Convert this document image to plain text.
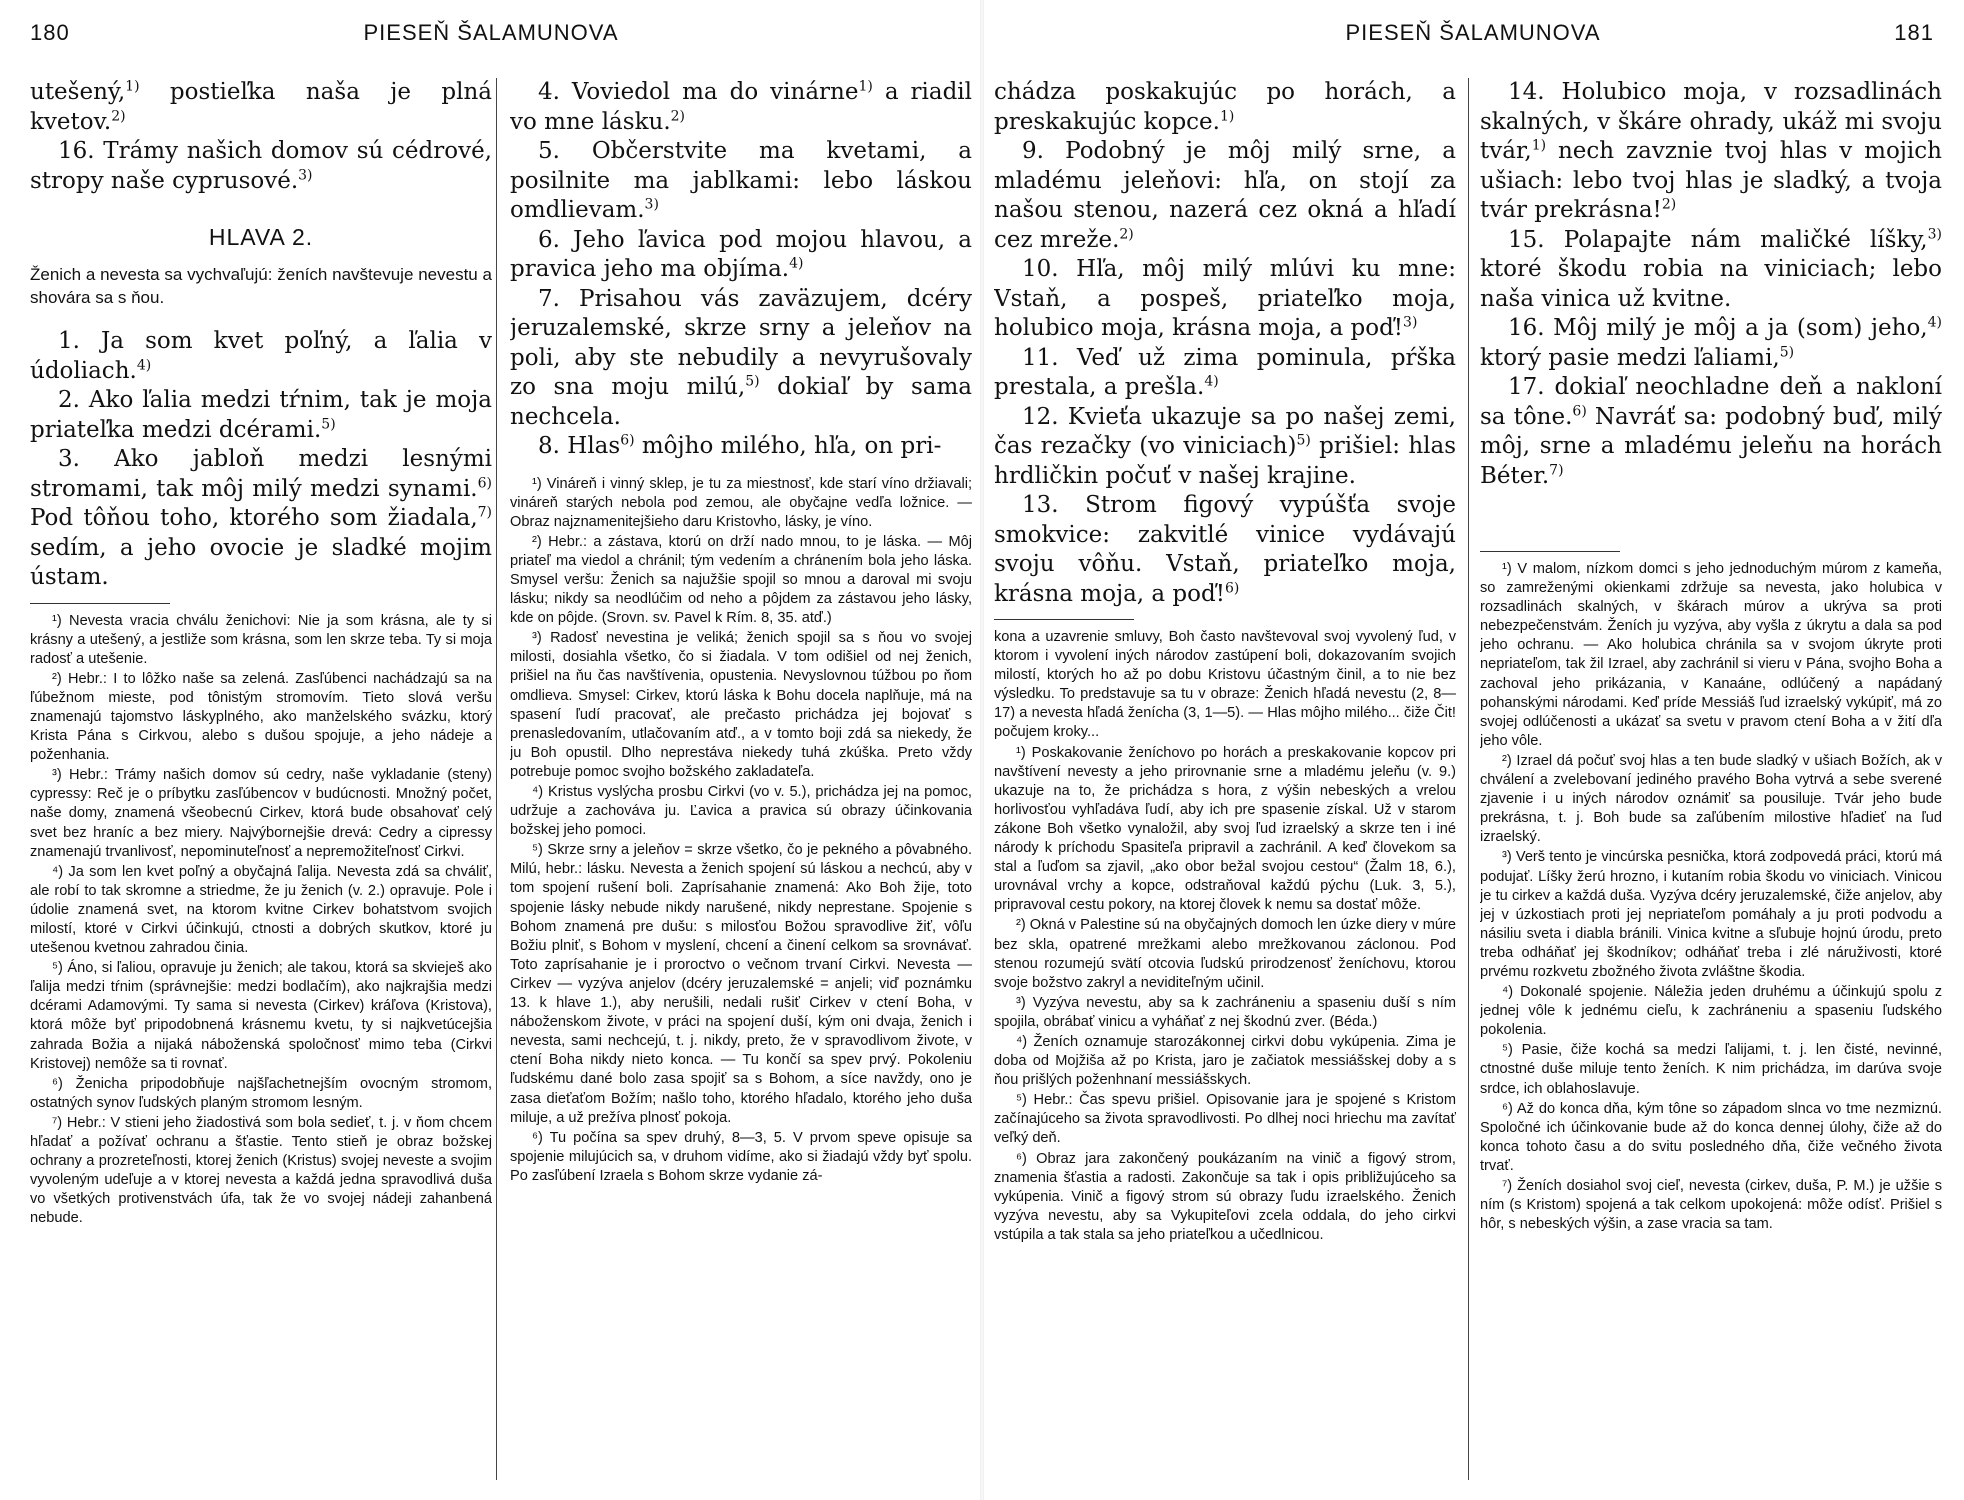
180	PIESEŇ ŠALAMUNOVA

utešený,$^{1)}$ postieľka naša je plná kvetov.$^{2)}$

16. Trámy našich domov sú cédrové, stropy naše cyprusové.$^{3)}$

HLAVA 2.
Ženich a nevesta sa vychvaľujú: ženích navštevuje nevestu a shovára sa s ňou.

1. Ja som kvet poľný, a ľalia v údoliach.$^{4)}$

2. Ako ľalia medzi tŕnim, tak je moja priateľka medzi dcérami.$^{5)}$

3. Ako jabloň medzi lesnými stromami, tak môj milý medzi synami.$^{6)}$ Pod tôňou toho, ktorého som žiadala,$^{7)}$ sedím, a jeho ovocie je sladké mojim ústam.

¹) Nevesta vracia chválu ženichovi: Nie ja som krásna, ale ty si krásny a utešený, a jestliže som krásna, som len skrze teba. Ty si moja radosť a utešenie.

²) Hebr.: I to lôžko naše sa zelená. Zasľúbenci nachádzajú sa na ľúbežnom mieste, pod tônistým stromovím. Tieto slová veršu znamenajú tajomstvo láskyplného, ako manželského svázku, ktorý Krista Pána s Cirkvou, alebo s dušou spojuje, a jeho nádeje a poženhania.

³) Hebr.: Trámy našich domov sú cedry, naše vykladanie (steny) cypressy: Reč je o príbytku zasľúbencov v budúcnosti. Množný počet, naše domy, znamená všeobecnú Cirkev, ktorá bude obsahovať celý svet bez hraníc a bez miery. Najvýbornejšie drevá: Cedry a cipressy znamenajú trvanlivosť, nepominuteľnosť a nepremožiteľnosť Cirkvi.

⁴) Ja som len kvet poľný a obyčajná ľalija. Nevesta zdá sa chváliť, ale robí to tak skromne a striedme, že ju ženich (v. 2.) opravuje. Pole i údolie znamená svet, na ktorom kvitne Cirkev bohatstvom svojich milostí, ktoré v Cirkvi účinkujú, ctnosti a dobrých skutkov, ktoré ju utešenou kvetnou zahradou činia.

⁵) Áno, si ľaliou, opravuje ju ženich; ale takou, ktorá sa skvieješ ako ľalija medzi tŕnim (správnejšie: medzi bodlačím), ako najkrajšia medzi dcérami Adamovými. Ty sama si nevesta (Cirkev) kráľova (Kristova), ktorá môže byť pripodobnená krásnemu kvetu, ty si najkvetúcejšia zahrada Božia a nijaká náboženská spoločnosť mimo teba (Cirkvi Kristovej) nemôže sa ti rovnať.

⁶) Ženicha pripodobňuje najšľachetnejším ovocným stromom, ostatných synov ľudských planým stromom lesným.

⁷) Hebr.: V stieni jeho žiadostivá som bola sedieť, t. j. v ňom chcem hľadať a požívať ochranu a šťastie. Tento stieň je obraz božskej ochrany a prozreteľnosti, ktorej ženich (Kristus) svojej neveste a svojim vyvoleným udeľuje a v ktorej nevesta a každá jedna spravodlivá duša vo všetkých protivenstvách úfa, tak že vo svojej nádeji zahanbená nebude.

4. Voviedol ma do vinárne$^{1)}$ a riadil vo mne lásku.$^{2)}$

5. Občerstvite ma kvetami, a posilnite ma jablkami: lebo láskou omdlievam.$^{3)}$

6. Jeho ľavica pod mojou hlavou, a pravica jeho ma objíma.$^{4)}$

7. Prisahou vás zaväzujem, dcéry jeruzalemské, skrze srny a jeleňov na poli, aby ste nebudily a nevyrušovaly zo sna moju milú,$^{5)}$ dokiaľ by sama nechcela.

8. Hlas$^{6)}$ môjho milého, hľa, on pri-

¹) Vináreň i vinný sklep, je tu za miestnosť, kde starí víno držiavali; vináreň starých nebola pod zemou, ale obyčajne vedľa ložnice. — Obraz najznamenitejšieho daru Kristovho, lásky, je víno.

²) Hebr.: a zástava, ktorú on drží nado mnou, to je láska. — Môj priateľ ma viedol a chránil; tým vedením a chránením bola jeho láska. Smysel veršu: Ženich sa najužšie spojil so mnou a daroval mi svoju lásku; nikdy sa neodlúčim od neho a pôjdem za zástavou jeho lásky, kde on pôjde. (Srovn. sv. Pavel k Rím. 8, 35. atď.)

³) Radosť nevestina je veliká; ženich spojil sa s ňou vo svojej milosti, dosiahla všetko, čo si žiadala. V tom odišiel od nej ženich, prišiel na ňu čas navštívenia, opustenia. Nevyslovnou túžbou po ňom omdlieva. Smysel: Cirkev, ktorú láska k Bohu docela naplňuje, má na spasení ľudí pracovať, ale prečasto prichádza jej bojovať s prenasledovaním, utlačovaním atď., a v tomto boji zdá sa niekedy, že ju Boh opustil. Dlho neprestáva niekedy tuhá zkúška. Preto vždy potrebuje pomoc svojho božského zakladateľa.

⁴) Kristus vyslýcha prosbu Cirkvi (vo v. 5.), prichádza jej na pomoc, udržuje a zachováva ju. Ľavica a pravica sú obrazy účinkovania božskej jeho pomoci.

⁵) Skrze srny a jeleňov = skrze všetko, čo je pekného a pôvabného. Milú, hebr.: lásku. Nevesta a ženich spojení sú láskou a nechcú, aby v tom spojení rušení boli. Zaprísahanie znamená: Ako Boh žije, toto spojenie lásky nebude nikdy narušené, nikdy neprestane. Spojenie s Bohom znamená pre dušu: s milosťou Božou spravodlive žiť, vôľu Božiu plniť, s Bohom v myslení, chcení a činení celkom sa srovnávať. Toto zaprísahanie je i proroctvo o večnom trvaní Cirkvi. Nevesta — Cirkev — vyzýva anjelov (dcéry jeruzalemské = anjeli; viď poznámku 13. k hlave 1.), aby nerušili, nedali rušiť Cirkev v ctení Boha, v náboženskom živote, v práci na spojení duší, kým oni dvaja, ženich i nevesta, sami nechcejú, t. j. nikdy, preto, že v spravodlivom živote, v ctení Boha nikdy nieto konca. — Tu končí sa spev prvý. Pokoleniu ľudskému dané bolo zasa spojiť sa s Bohom, a síce navždy, ono je zasa dieťaťom Božím; našlo toho, ktorého hľadalo, ktorého jeho duša miluje, a už prežíva plnosť pokoja.

⁶) Tu počína sa spev druhý, 8—3, 5. V prvom speve opisuje sa spojenie milujúcich sa, v druhom vidíme, ako si žiadajú vždy byť spolu. Po zasľúbení Izraela s Bohom skrze vydanie zá-

PIESEŇ ŠALAMUNOVA	181

chádza poskakujúc po horách, a preskakujúc kopce.$^{1)}$

9. Podobný je môj milý srne, a mladému jeleňovi: hľa, on stojí za našou stenou, nazerá cez okná a hľadí cez mreže.$^{2)}$

10. Hľa, môj milý mlúvi ku mne: Vstaň, a pospeš, priateľko moja, holubico moja, krásna moja, a poď!$^{3)}$

11. Veď už zima pominula, pŕška prestala, a prešla.$^{4)}$

12. Kvieťa ukazuje sa po našej zemi, čas rezačky (vo viniciach)$^{5)}$ prišiel: hlas hrdličkin počuť v našej krajine.

13. Strom figový vypúšťa svoje smokvice: zakvitlé vinice vydávajú svoju vôňu. Vstaň, priateľko moja, krásna moja, a poď!$^{6)}$

kona a uzavrenie smluvy, Boh často navštevoval svoj vyvolený ľud, v ktorom i vyvolení iných národov zastúpení boli, dokazovaním svojich milostí, ktorých ho až po dobu Kristovu účastným činil, a to nie bez výsledku. To predstavuje sa tu v obraze: Ženich hľadá nevestu (2, 8—17) a nevesta hľadá ženícha (3, 1—5). — Hlas môjho milého... čiže Čit! počujem kroky...

¹) Poskakovanie ženíchovo po horách a preskakovanie kopcov pri navštívení nevesty a jeho prirovnanie srne a mladému jeleňu (v. 9.) ukazuje na to, že prichádza s hora, z výšin nebeských a vrelou horlivosťou vyhľadáva ľudí, aby ich pre spasenie získal. Už v starom zákone Boh všetko vynaložil, aby svoj ľud izraelský a skrze ten i iné národy k príchodu Spasiteľa pripravil a zachránil. A keď človekom sa stal a ľuďom sa zjavil, „ako obor bežal svojou cestou“ (Žalm 18, 6.), urovnával vrchy a kopce, odstraňoval každú pýchu (Luk. 3, 5.), pripravoval cestu pokory, na ktorej človek k nemu sa dostať môže.

²) Okná v Palestine sú na obyčajných domoch len úzke diery v múre bez skla, opatrené mrežkami alebo mrežkovanou záclonou. Pod stenou rozumejú svätí otcovia ľudskú prirodzenosť ženíchovu, ktorou svoje božstvo zakryl a neviditeľným učinil.

³) Vyzýva nevestu, aby sa k zachráneniu a spaseniu duší s ním spojila, obrábať vinicu a vyháňať z nej škodnú zver. (Béda.)

⁴) Ženích oznamuje starozákonnej cirkvi dobu vykúpenia. Zima je doba od Mojžiša až po Krista, jaro je začiatok messiášskej doby a s ňou prišlých poženhnaní messiášskych.

⁵) Hebr.: Čas spevu prišiel. Opisovanie jara je spojené s Kristom začínajúceho sa života spravodlivosti. Po dlhej noci hriechu ma zavítať veľký deň.

⁶) Obraz jara zakončený poukázaním na vinič a figový strom, znamenia šťastia a radosti. Zakončuje sa tak i opis približujúceho sa vykúpenia. Vinič a figový strom sú obrazy ľudu izraelského. Ženich vyzýva nevestu, aby sa Vykupiteľovi zcela oddala, do jeho cirkvi vstúpila a tak stala sa jeho priateľkou a učedlnicou.

14. Holubico moja, v rozsadlinách skalných, v škáre ohrady, ukáž mi svoju tvár,$^{1)}$ nech zavznie tvoj hlas v mojich ušiach: lebo tvoj hlas je sladký, a tvoja tvár prekrásna!$^{2)}$

15. Polapajte nám maličké líšky,$^{3)}$ ktoré škodu robia na viniciach; lebo naša vinica už kvitne.

16. Môj milý je môj a ja (som) jeho,$^{4)}$ ktorý pasie medzi ľaliami,$^{5)}$

17. dokiaľ neochladne deň a nakloní sa tône.$^{6)}$ Navráť sa: podobný buď, milý môj, srne a mladému jeleňu na horách Béter.$^{7)}$

¹) V malom, nízkom domci s jeho jednoduchým múrom z kameňa, so zamreženými okienkami zdržuje sa nevesta, jako holubica v rozsadlinách skalných, v škárach múrov a ukrýva sa proti nebezpečenstvám. Ženích ju vyzýva, aby vyšla z úkrytu a dala sa pod jeho ochranu. — Ako holubica chránila sa v svojom úkryte proti nepriateľom, tak žil Izrael, aby zachránil si vieru v Pána, svojho Boha a zachoval jeho prikázania, v Kanaáne, odlúčený a napádaný pohanskými národami. Keď príde Messiáš ľud izraelský vykúpiť, má zo svojej odlúčenosti a ukázať sa svetu v pravom ctení Boha a v žití dľa jeho vôle.

²) Izrael dá počuť svoj hlas a ten bude sladký v ušiach Božích, ak v chválení a zvelebovaní jediného pravého Boha vytrvá a sebe sverené zjavenie i u iných národov oznámiť sa pousiluje. Tvár jeho bude prekrásna, t. j. Boh bude sa zaľúbením milostive hľadieť na ľud izraelský.

³) Verš tento je vincúrska pesnička, ktorá zodpovedá práci, ktorú má podujať. Líšky žerú hrozno, i kutaním robia škodu vo viniciach. Vinicou je tu cirkev a každá duša. Vyzýva dcéry jeruzalemské, čiže anjelov, aby jej v úzkostiach proti jej nepriateľom pomáhaly a ju proti podvodu a násiliu sveta i diabla bránili. Vinica kvitne a sľubuje hojnú úrodu, preto treba odháňať jej škodníkov; odháňať treba i zlé náruživosti, ktoré prvému rozkvetu zbožného života zvláštne škodia.

⁴) Dokonalé spojenie. Náležia jeden druhému a účinkujú spolu z jednej vôle k jednému cieľu, k zachráneniu a spaseniu ľudského pokolenia.

⁵) Pasie, čiže kochá sa medzi ľalijami, t. j. len čisté, nevinné, ctnostné duše miluje tento ženích. K nim prichádza, im darúva svoje srdce, ich oblahoslavuje.

⁶) Až do konca dňa, kým tône so západom slnca vo tme nezmiznú. Spoločné ich účinkovanie bude až do konca dennej úlohy, čiže až do konca tohoto času a do svitu posledného dňa, čiže večného života trvať.

⁷) Ženích dosiahol svoj cieľ, nevesta (cirkev, duša, P. M.) je užšie s ním (s Kristom) spojená a tak celkom upokojená: môže odísť. Prišiel s hôr, s nebeských výšin, a zase vracia sa tam.
